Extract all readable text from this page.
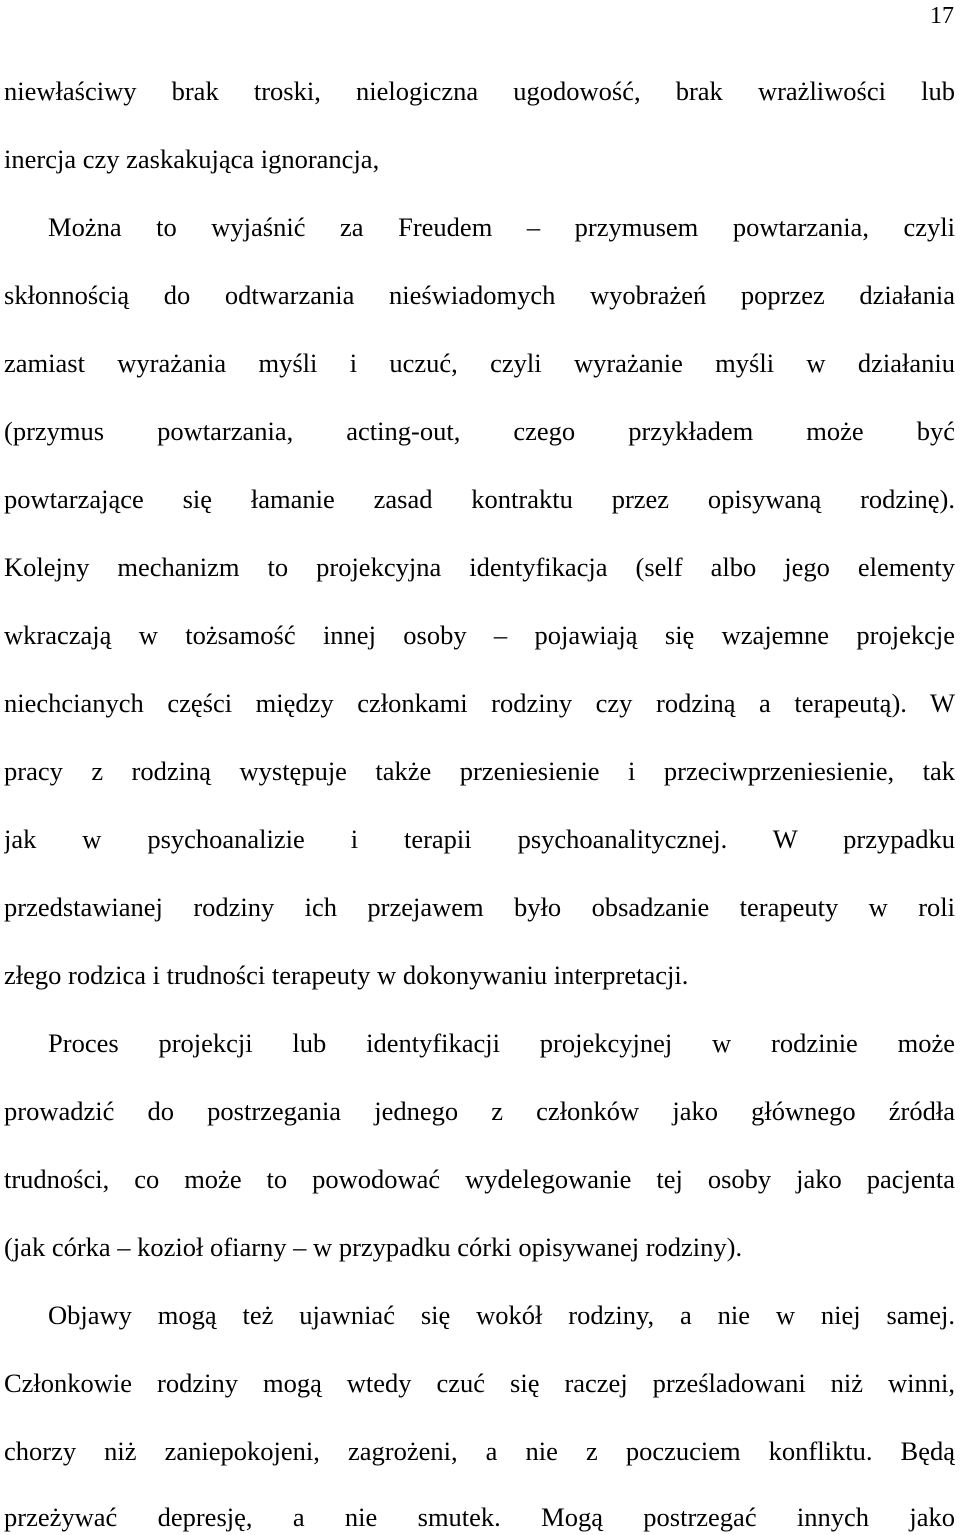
17
niewłaściwy brak troski, nielogiczna ugodowość, brak wrażliwości lub
inercja czy zaskakująca ignorancja,
Można to wyjaśnić za Freudem – przymusem powtarzania, czyli
skłonnością do odtwarzania nieświadomych wyobrażeń poprzez działania
zamiast wyrażania myśli i uczuć, czyli wyrażanie myśli w działaniu
(przymus powtarzania, acting-out, czego przykładem może być
powtarzające się łamanie zasad kontraktu przez opisywaną rodzinę).
Kolejny mechanizm to projekcyjna identyfikacja (self albo jego elementy
wkraczają w tożsamość innej osoby – pojawiają się wzajemne projekcje
niechcianych części między członkami rodziny czy rodziną a terapeutą). W
pracy z rodziną występuje także przeniesienie i przeciwprzeniesienie, tak
jak w psychoanalizie i terapii psychoanalitycznej. W przypadku
przedstawianej rodziny ich przejawem było obsadzanie terapeuty w roli
złego rodzica i trudności terapeuty w dokonywaniu interpretacji.
Proces projekcji lub identyfikacji projekcyjnej w rodzinie może
prowadzić do postrzegania jednego z członków jako głównego źródła
trudności, co może to powodować wydelegowanie tej osoby jako pacjenta
(jak córka – kozioł ofiarny – w przypadku córki opisywanej rodziny).
Objawy mogą też ujawniać się wokół rodziny, a nie w niej samej.
Członkowie rodziny mogą wtedy czuć się raczej prześladowani niż winni,
chorzy niż zaniepokojeni, zagrożeni, a nie z poczuciem konfliktu. Będą
przeżywać depresję, a nie smutek. Mogą postrzegać innych jako
